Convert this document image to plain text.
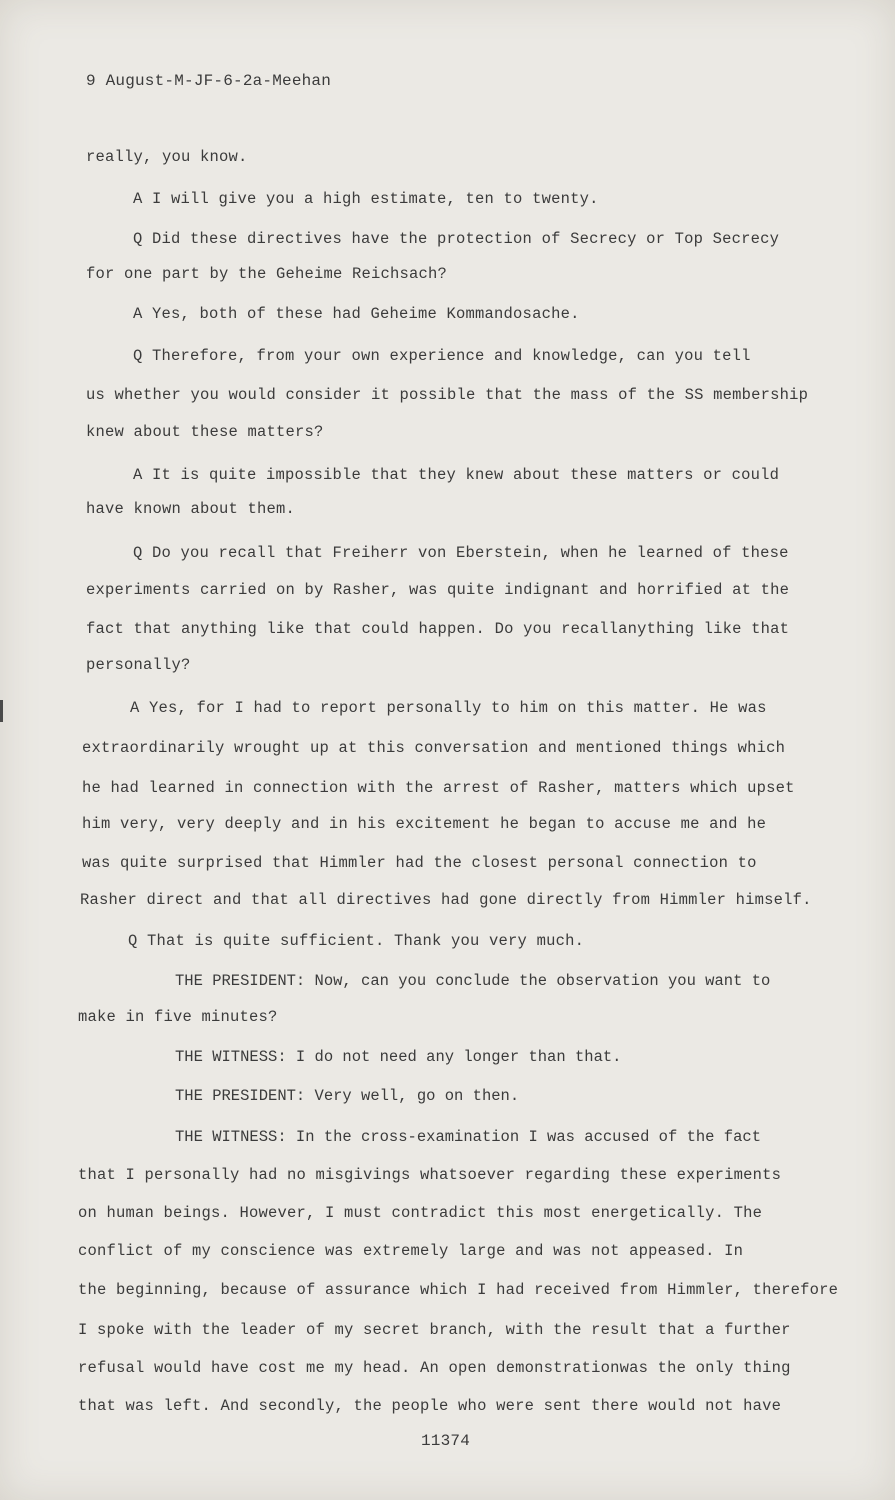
9 August-M-JF-6-2a-Meehan

really, you know.

A I will give you a high estimate, ten to twenty.

Q Did these directives have the protection of Secrecy or Top Secrecy

for one part by the Geheime Reichsach?

A Yes, both of these had Geheime Kommandosache.

Q Therefore, from your own experience and knowledge, can you tell

us whether you would consider it possible that the mass of the SS membership

knew about these matters?

A It is quite impossible that they knew about these matters or could

have known about them.

Q Do you recall that Freiherr von Eberstein, when he learned of these

experiments carried on by Rasher, was quite indignant and horrified at the

fact that anything like that could happen. Do you recallanything like that

personally?

A Yes, for I had to report personally to him on this matter. He was

extraordinarily wrought up at this conversation and mentioned things which

he had learned in connection with the arrest of Rasher, matters which upset

him very, very deeply and in his excitement he began to accuse me and he

was quite surprised that Himmler had the closest personal connection to

Rasher direct and that all directives had gone directly from Himmler himself.

Q That is quite sufficient. Thank you very much.

THE PRESIDENT: Now, can you conclude the observation you want to

make in five minutes?

THE WITNESS: I do not need any longer than that.

THE PRESIDENT: Very well, go on then.

THE WITNESS: In the cross-examination I was accused of the fact

that I personally had no misgivings whatsoever regarding these experiments

on human beings. However, I must contradict this most energetically. The

conflict of my conscience was extremely large and was not appeased. In

the beginning, because of assurance which I had received from Himmler, therefore

I spoke with the leader of my secret branch, with the result that a further

refusal would have cost me my head. An open demonstrationwas the only thing

that was left. And secondly, the people who were sent there would not have

11374
